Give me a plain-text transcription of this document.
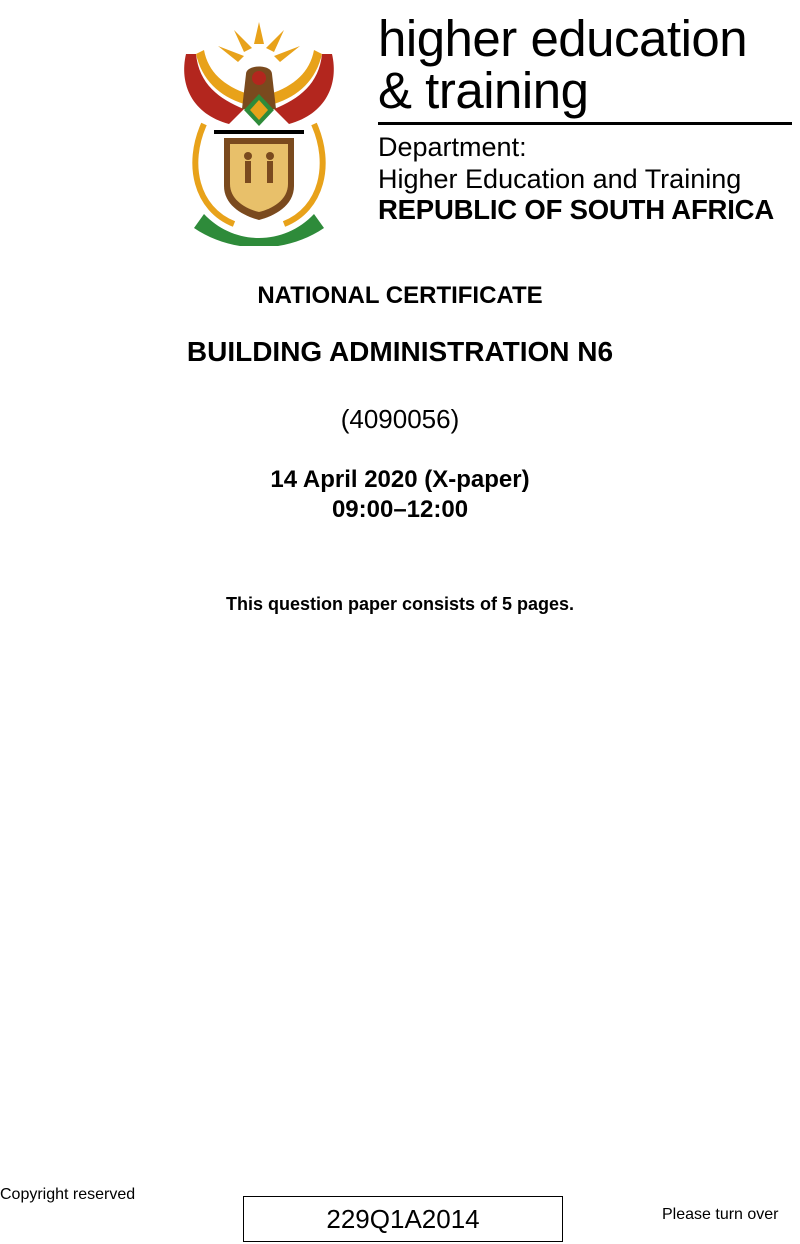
higher education
& training
Department:
Higher Education and Training
REPUBLIC OF SOUTH AFRICA
NATIONAL CERTIFICATE
BUILDING ADMINISTRATION N6
(4090056)
14 April 2020 (X-paper)
09:00–12:00
This question paper consists of 5 pages.
Copyright reserved
229Q1A2014	Please turn over
